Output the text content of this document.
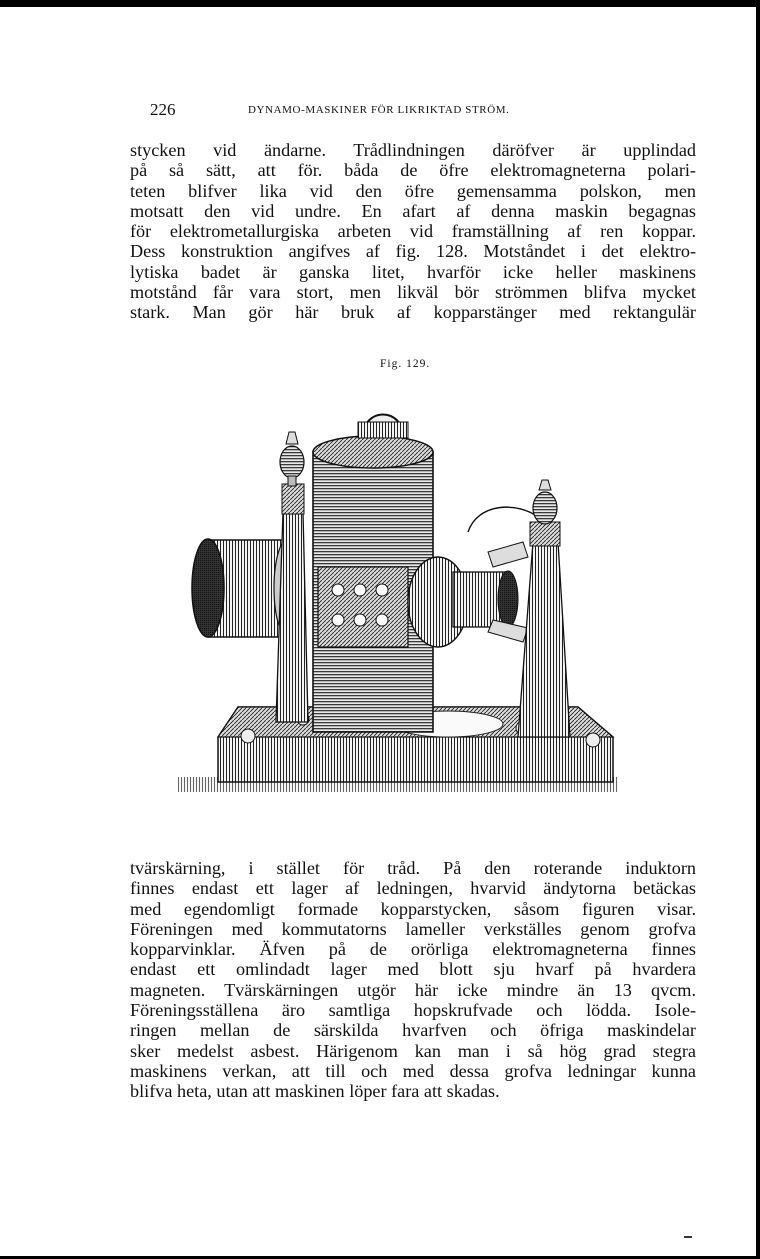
226	DYNAMO-MASKINER FÖR LIKRIKTAD STRÖM.
stycken vid ändarne. Trådlindningen däröfver är upplindad
på så sätt, att för. båda de öfre elektromagneterna polari-
teten blifver lika vid den öfre gemensamma polskon, men
motsatt den vid undre. En afart af denna maskin begagnas
för elektrometallurgiska arbeten vid framställning af ren koppar.
Dess konstruktion angifves af fig. 128. Motståndet i det elektro-
lytiska badet är ganska litet, hvarför icke heller maskinens
motstånd får vara stort, men likväl bör strömmen blifva mycket
stark. Man gör här bruk af kopparstänger med rektangulär
Fig. 129.
tvärskärning, i stället för tråd. På den roterande induktorn
finnes endast ett lager af ledningen, hvarvid ändytorna betäckas
med egendomligt formade kopparstycken, såsom figuren visar.
Föreningen med kommutatorns lameller verkställes genom grofva
kopparvinklar. Äfven på de orörliga elektromagneterna finnes
endast ett omlindadt lager med blott sju hvarf på hvardera
magneten. Tvärskärningen utgör här icke mindre än 13 qvcm.
Föreningsställena äro samtliga hopskrufvade och lödda. Isole-
ringen mellan de särskilda hvarfven och öfriga maskindelar
sker medelst asbest. Härigenom kan man i så hög grad stegra
maskinens verkan, att till och med dessa grofva ledningar kunna
blifva heta, utan att maskinen löper fara att skadas.
